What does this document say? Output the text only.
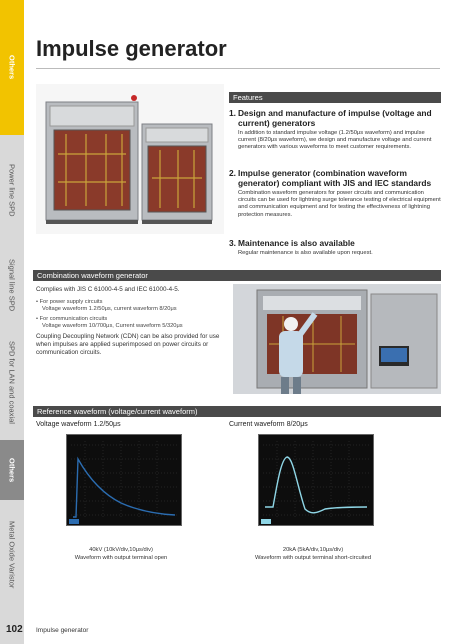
Others
Power line SPD
Signal line SPD
SPD for LAN and coaxial
Others
Metal Oxide Varistor
Impulse generator
Features
1. Design and manufacture of impulse (voltage and current) generators
In addition to standard impulse voltage (1.2/50μs waveform) and impulse current (8/20μs waveform), we design and manufacture voltage and current generators with various waveforms to meet customer requirements.
2. Impulse generator (combination waveform generator) compliant with JIS and IEC standards
Combination waveform generators for power circuits and communication circuits can be used for lightning surge tolerance testing of electrical equipment and communication equipment and for testing the effectiveness of lightning protection measures.
3. Maintenance is also available
Regular maintenance is also available upon request.
Combination waveform generator
Complies with JIS C 61000-4-5 and IEC 61000-4-5.
• For power supply circuits
Voltage waveform 1.2/50μs, current waveform 8/20μs
• For communication circuits
Voltage waveform 10/700μs, Current waveform 5/320μs
Coupling Decoupling Network (CDN) can be also provided for use when impulses are applied superimposed on power circuits or communication circuits.
Reference waveform (voltage/current waveform)
Voltage waveform 1.2/50μs	Current waveform 8/20μs
40kV (10kV/div,10μs/div)
Waveform with output terminal open
20kA (5kA/div,10μs/div)
Waveform with output terminal short-circuited
102 Impulse generator
